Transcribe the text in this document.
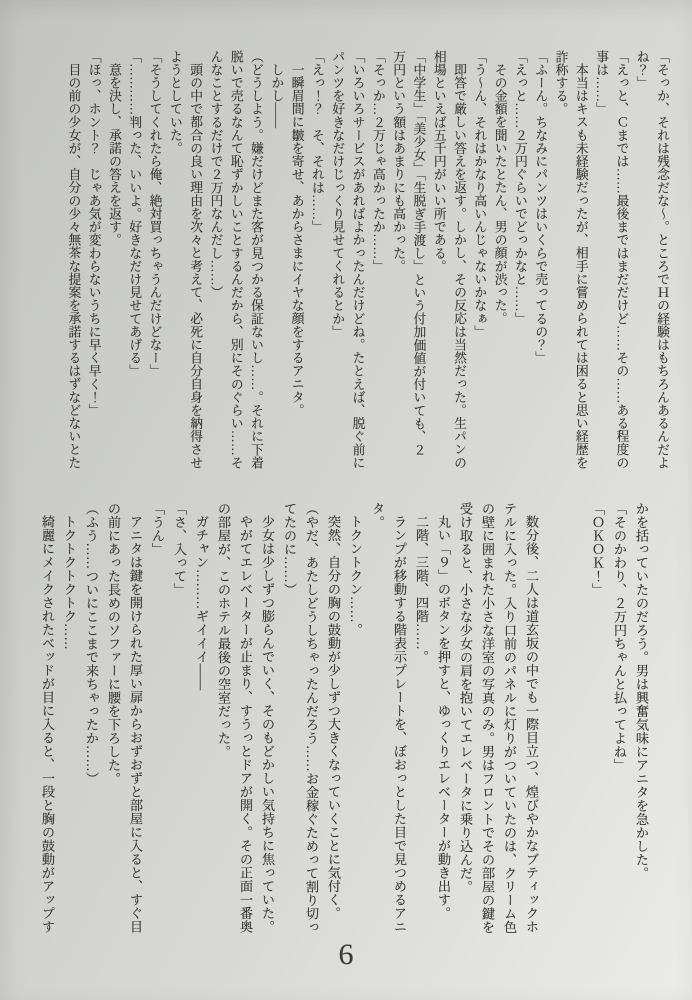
「そっか、それは残念だな～。ところでＨの経験はもちろんあるんだよ

ね？」

「えっと、Ｃまでは……最後まではまだだけど……その……ある程度の

事は……」

本当はキスも未経験だったが、相手に嘗められては困ると思い経歴を

詐称する。

「ふーん。ちなみにパンツはいくらで売ってるの？」

「えっと……２万円ぐらいでどっかなと……」

その金額を聞いたとたん、男の顔が渋った。

「う～ん、それはかなり高いんじゃないかなぁ」

即答で厳しい答えを返す。しかし、その反応は当然だった。生パンの

相場といえば五千円がいい所である。

「中学生」「美少女」「生脱ぎ手渡し」という付加価値が付いても、２

万円という額はあまりにも高かった。

「そっか…２万じゃ高かったか……」

「いろいろサービスがあればよかったんだけどね。たとえば、脱ぐ前に

パンツを好きなだけじっくり見せてくれるとか」

「えっ！？　そ、それは……」

一瞬眉間に皺を寄せ、あからさまにイヤな顔をするアニタ。

しかし――

（どうしよう。嫌だけどまた客が見つかる保証ないし……。それに下着

脱いで売るなんて恥ずかしいことするんだから、別にそのぐらい……そ

んなことするだけで２万円なんだし……）

頭の中で都合の良い理由を次々と考えて、必死に自分自身を納得させ

ようとしていた。

「そうしてくれたら俺、絶対買っちゃうんだけどなー」

「…………判った、いいよ。好きなだけ見せてあげる」

意を決し、承諾の答えを返す。

「ほっ、ホント？　じゃあ気が変わらないうちに早く早く！」

目の前の少女が、自分の少々無茶な提案を承諾するはずなどないとた

かを括っていたのだろう。男は興奮気味にアニタを急かした。

「そのかわり、２万円ちゃんと払ってよね」

「ＯＫＯＫ！」

数分後、二人は道玄坂の中でも一際目立つ、煌びやかなブティックホ

テルに入った。入り口前のパネルに灯りがついていたのは、クリーム色

の壁に囲まれた小さな洋室の写真のみ。男はフロントでその部屋の鍵を

受け取ると、小さな少女の肩を抱いてエレベータに乗り込んだ。

丸い「９」のボタンを押すと、ゆっくりエレベーターが動き出す。

二階、三階、四階……。

ランプが移動する階表示プレートを、ぼおっとした目で見つめるアニ

タ。

トクントクン……。

突然、自分の胸の鼓動が少しずつ大きくなっていくことに気付く。

（やだ、あたしどうしちゃったんだろう……お金稼ぐためって割り切っ

てたのに……）

少女は少しずつ膨らんでいく、そのもどかしい気持ちに焦っていた。

やがてエレベーターが止まり、すうっとドアが開く。その正面一番奥

の部屋が、このホテル最後の空室だった。

ガチャン………ギイイイ――

「さ、入って」

「うん」

アニタは鍵を開けられた厚い扉からおずおずと部屋に入ると、すぐ目

の前にあった長めのソファーに腰を下ろした。

（ふう……ついにここまで来ちゃったか……）

トクトクトクトク……

綺麗にメイクされたベッドが目に入ると、一段と胸の鼓動がアップす

6
